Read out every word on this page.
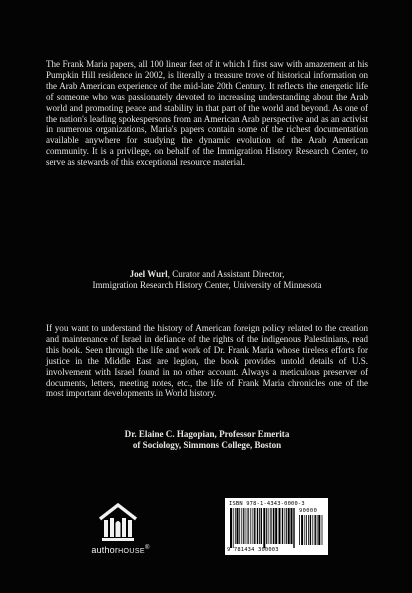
The Frank Maria papers, all 100 linear feet of it which I first saw with amazement at his Pumpkin Hill residence in 2002, is literally a treasure trove of historical information on the Arab American experience of the mid-late 20th Century. It reflects the energetic life of someone who was passionately devoted to increasing understanding about the Arab world and promoting peace and stability in that part of the world and beyond. As one of the nation's leading spokespersons from an American Arab perspective and as an activist in numerous organizations, Maria's papers contain some of the richest documentation available anywhere for studying the dynamic evolution of the Arab American community. It is a privilege, on behalf of the Immigration History Research Center, to serve as stewards of this exceptional resource material.

Joel Wurl, Curator and Assistant Director,
Immigration Research History Center, University of Minnesota

If you want to understand the history of American foreign policy related to the creation and maintenance of Israel in defiance of the rights of the indigenous Palestinians, read this book. Seen through the life and work of Dr. Frank Maria whose tireless efforts for justice in the Middle East are legion, the book provides untold details of U.S. involvement with Israel found in no other account. Always a meticulous preserver of documents, letters, meeting notes, etc., the life of Frank Maria chronicles one of the most important developments in World history.

Dr. Elaine C. Hagopian, Professor Emerita
of Sociology, Simmons College, Boston
authorHOUSE®
ISBN 978-1-4343-0000-3
90000
9 781434 300003
